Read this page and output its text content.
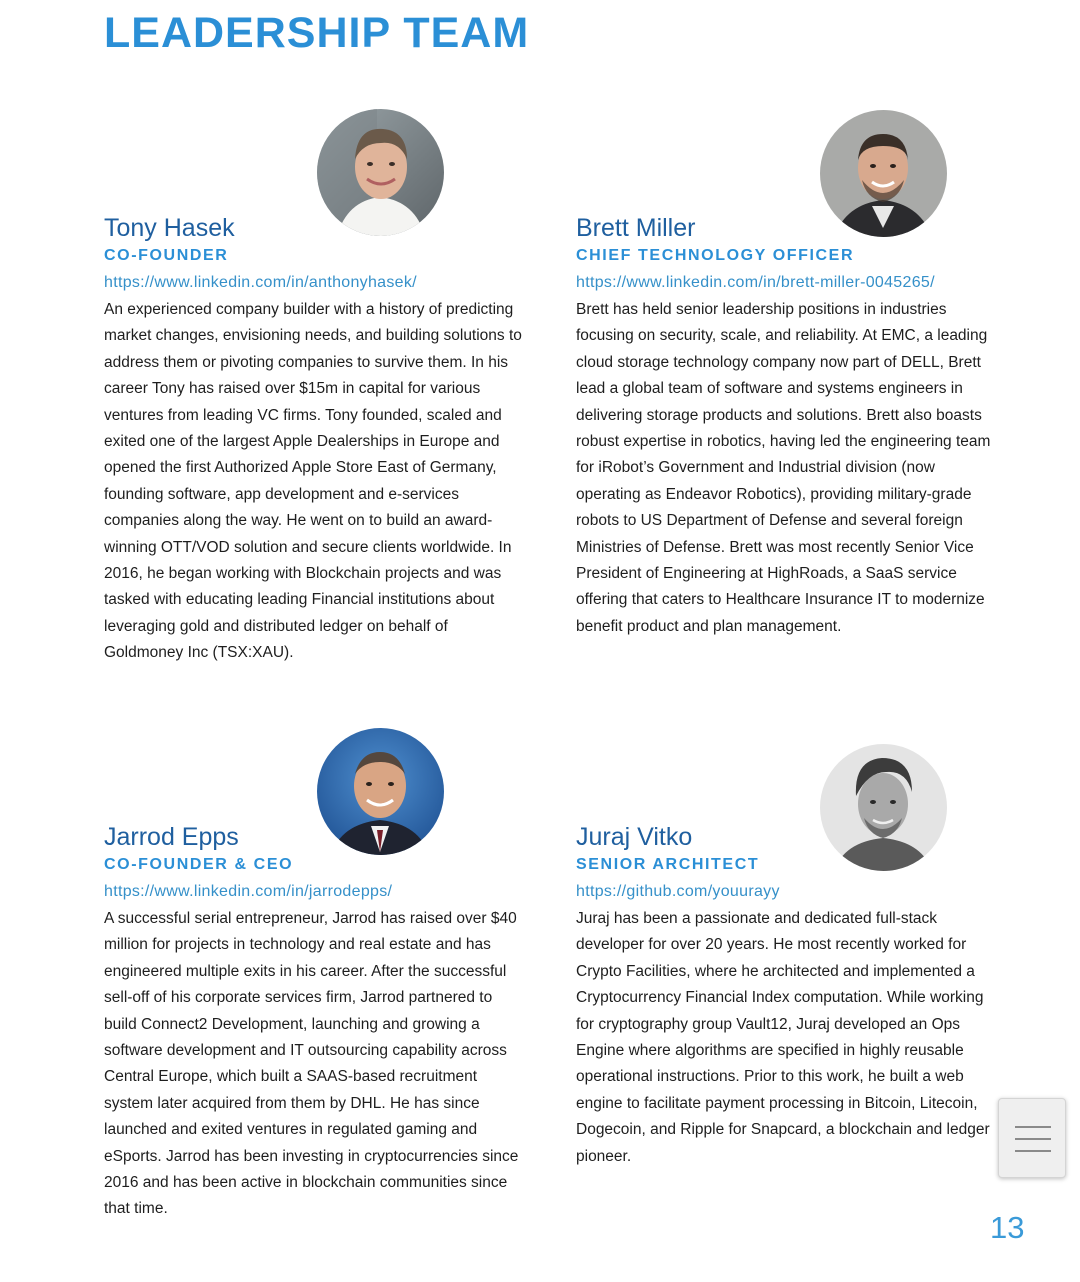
LEADERSHIP TEAM
Tony Hasek
CO-FOUNDER
https://www.linkedin.com/in/anthonyhasek/

An experienced company builder with a history of predicting market changes, envisioning needs, and building solutions to address them or pivoting companies to survive them. In his career Tony has raised over $15m in capital for various ventures from leading VC firms. Tony founded, scaled and exited one of the largest Apple Dealerships in Europe and opened the first Authorized Apple Store East of Germany, founding software, app development and e-services companies along the way. He went on to build an award-winning OTT/VOD solution and secure clients worldwide. In 2016, he began working with Blockchain projects and was tasked with educating leading Financial institutions about leveraging gold and distributed ledger on behalf of Goldmoney Inc (TSX:XAU).

Brett Miller
CHIEF TECHNOLOGY OFFICER
https://www.linkedin.com/in/brett-miller-0045265/

Brett has held senior leadership positions in industries focusing on security, scale, and reliability. At EMC, a leading cloud storage technology company now part of DELL, Brett lead a global team of software and systems engineers in delivering storage products and solutions. Brett also boasts robust expertise in robotics, having led the engineering team for iRobot’s Government and Industrial division (now operating as Endeavor Robotics), providing military-grade robots to US Department of Defense and several foreign Ministries of Defense. Brett was most recently Senior Vice President of Engineering at HighRoads, a SaaS service offering that caters to Healthcare Insurance IT to modernize benefit product and plan management.

Jarrod Epps
CO-FOUNDER & CEO
https://www.linkedin.com/in/jarrodepps/

A successful serial entrepreneur, Jarrod has raised over $40 million for projects in technology and real estate and has engineered multiple exits in his career. After the successful sell-off of his corporate services firm, Jarrod partnered to build Connect2 Development, launching and growing a software development and IT outsourcing capability across Central Europe, which built a SAAS-based recruitment system later acquired from them by DHL. He has since launched and exited ventures in regulated gaming and eSports. Jarrod has been investing in cryptocurrencies since 2016 and has been active in blockchain communities since that time.

Juraj Vitko
SENIOR ARCHITECT
https://github.com/youurayy

Juraj has been a passionate and dedicated full-stack developer for over 20 years. He most recently worked for Crypto Facilities, where he architected and implemented a Cryptocurrency Financial Index computation. While working for cryptography group Vault12, Juraj developed an Ops Engine where algorithms are specified in highly reusable operational instructions. Prior to this work, he built a web engine to facilitate payment processing in Bitcoin, Litecoin, Dogecoin, and Ripple for Snapcard, a blockchain and ledger pioneer.

13
